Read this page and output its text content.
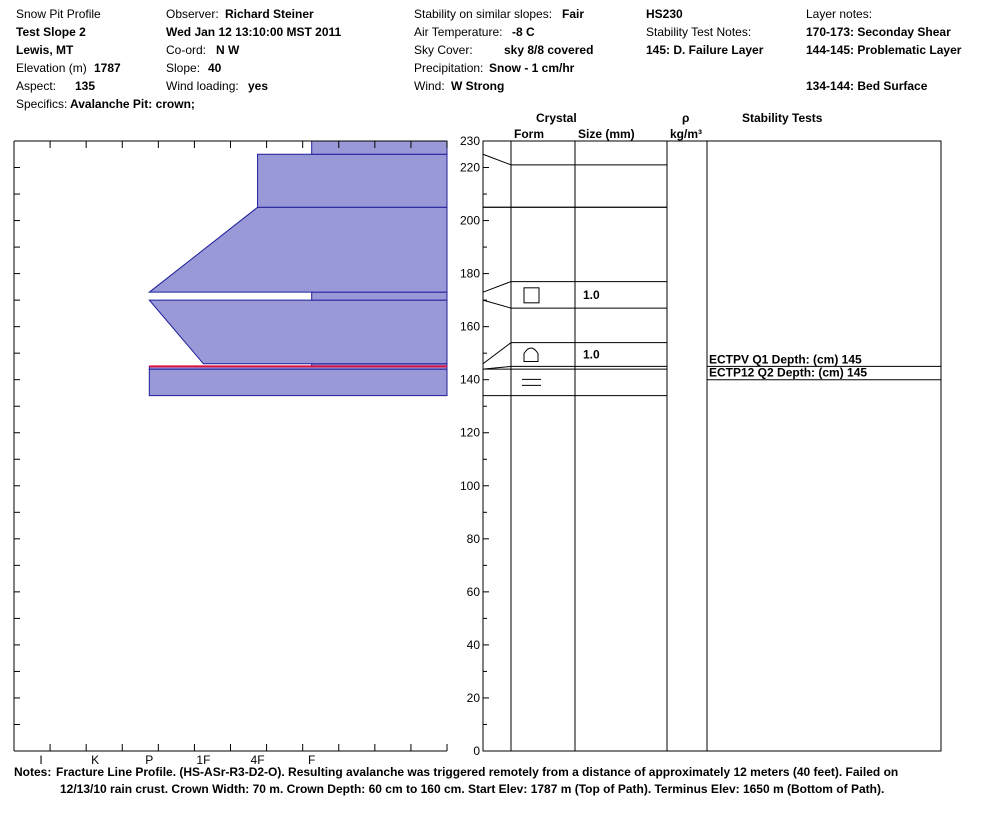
Snow Pit Profile
Test Slope 2
Lewis, MT
Elevation (m) 1787
Aspect: 135
Specifics: Avalanche Pit: crown;
Observer: Richard Steiner
Wed Jan 12 13:10:00 MST 2011
Co-ord: N W
Slope: 40
Wind loading: yes
Stability on similar slopes: Fair
Air Temperature: -8 C
Sky Cover:	sky 8/8 covered
Precipitation: Snow - 1 cm/hr
Wind: W Strong
HS230
Stability Test Notes:
145: D. Failure Layer
Layer notes:
170-173: Seconday Shear
144-145: Problematic Layer
134-144: Bed Surface
Crystal
Form	Size (mm)
ρ
kg/m³
Stability Tests
I	K	P	1F	4F	F
0
20
40
60
80
100
120
140
160
180
200
220
230
1.0
1.0	ECTPV Q1 Depth: (cm) 145
ECTP12 Q2 Depth: (cm) 145
Notes: Fracture Line Profile. (HS-ASr-R3-D2-O). Resulting avalanche was triggered remotely from a distance of approximately 12 meters (40 feet). Failed on
12/13/10 rain crust. Crown Width: 70 m. Crown Depth: 60 cm to 160 cm. Start Elev: 1787 m (Top of Path). Terminus Elev: 1650 m (Bottom of Path).
